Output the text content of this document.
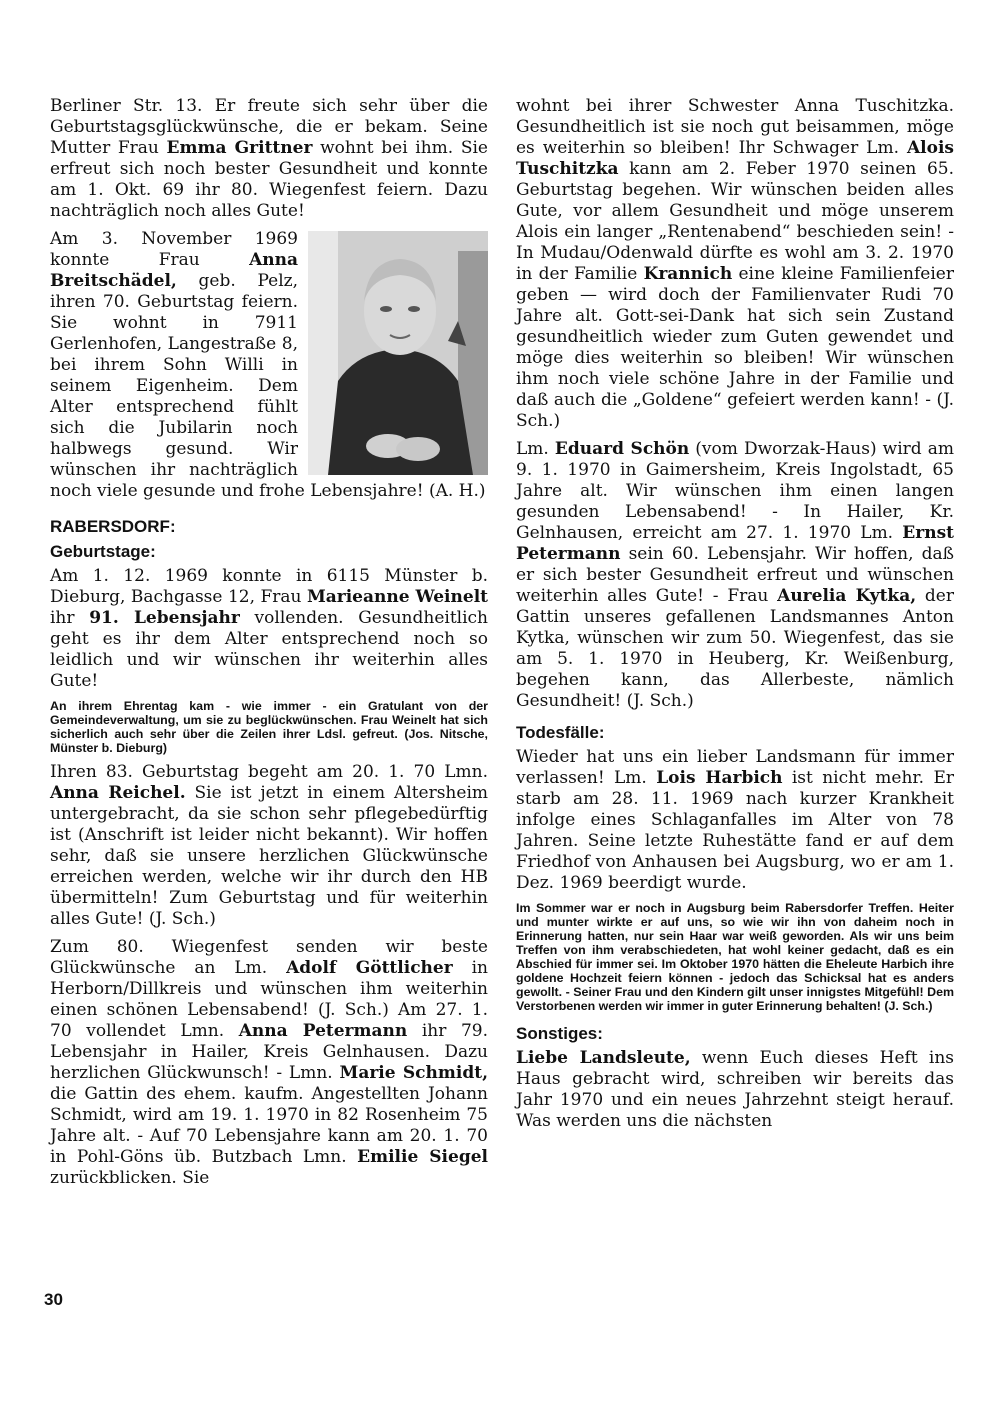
Berliner Str. 13. Er freute sich sehr über die Geburtstagsglückwünsche, die er bekam. Seine Mutter Frau Emma Grittner wohnt bei ihm. Sie erfreut sich noch bester Gesundheit und konnte am 1. Okt. 69 ihr 80. Wiegenfest feiern. Dazu nachträglich noch alles Gute!

Am 3. November 1969 konnte Frau Anna Breitschädel, geb. Pelz, ihren 70. Geburtstag feiern. Sie wohnt in 7911 Gerlenhofen, Langestraße 8, bei ihrem Sohn Willi in seinem Eigenheim. Dem Alter entsprechend fühlt sich die Jubilarin noch halbwegs gesund. Wir wünschen ihr nachträglich noch viele gesunde und frohe Lebensjahre! (A. H.)

RABERSDORF:
Geburtstage:

Am 1. 12. 1969 konnte in 6115 Münster b. Dieburg, Bachgasse 12, Frau Marieanne Weinelt ihr 91. Lebensjahr vollenden. Gesundheitlich geht es ihr dem Alter entsprechend noch so leidlich und wir wünschen ihr weiterhin alles Gute!

An ihrem Ehrentag kam - wie immer - ein Gratulant von der Gemeindeverwaltung, um sie zu beglückwünschen. Frau Weinelt hat sich sicherlich auch sehr über die Zeilen ihrer Ldsl. gefreut. (Jos. Nitsche, Münster b. Dieburg)

Ihren 83. Geburtstag begeht am 20. 1. 70 Lmn. Anna Reichel. Sie ist jetzt in einem Altersheim untergebracht, da sie schon sehr pflegebedürftig ist (Anschrift ist leider nicht bekannt). Wir hoffen sehr, daß sie unsere herzlichen Glückwünsche erreichen werden, welche wir ihr durch den HB übermitteln! Zum Geburtstag und für weiterhin alles Gute! (J. Sch.)

Zum 80. Wiegenfest senden wir beste Glückwünsche an Lm. Adolf Göttlicher in Herborn/Dillkreis und wünschen ihm weiterhin einen schönen Lebensabend! (J. Sch.) Am 27. 1. 70 vollendet Lmn. Anna Petermann ihr 79. Lebensjahr in Hailer, Kreis Gelnhausen. Dazu herzlichen Glückwunsch! - Lmn. Marie Schmidt, die Gattin des ehem. kaufm. Angestellten Johann Schmidt, wird am 19. 1. 1970 in 82 Rosenheim 75 Jahre alt. - Auf 70 Lebensjahre kann am 20. 1. 70 in Pohl-Göns üb. Butzbach Lmn. Emilie Siegel zurückblicken. Sie

wohnt bei ihrer Schwester Anna Tuschitzka. Gesundheitlich ist sie noch gut beisammen, möge es weiterhin so bleiben! Ihr Schwager Lm. Alois Tuschitzka kann am 2. Feber 1970 seinen 65. Geburtstag begehen. Wir wünschen beiden alles Gute, vor allem Gesundheit und möge unserem Alois ein langer „Rentenabend“ beschieden sein! - In Mudau/Odenwald dürfte es wohl am 3. 2. 1970 in der Familie Krannich eine kleine Familienfeier geben — wird doch der Familienvater Rudi 70 Jahre alt. Gott-sei-Dank hat sich sein Zustand gesundheitlich wieder zum Guten gewendet und möge dies weiterhin so bleiben! Wir wünschen ihm noch viele schöne Jahre in der Familie und daß auch die „Goldene“ gefeiert werden kann! - (J. Sch.)

Lm. Eduard Schön (vom Dworzak-Haus) wird am 9. 1. 1970 in Gaimersheim, Kreis Ingolstadt, 65 Jahre alt. Wir wünschen ihm einen langen gesunden Lebensabend! - In Hailer, Kr. Gelnhausen, erreicht am 27. 1. 1970 Lm. Ernst Petermann sein 60. Lebensjahr. Wir hoffen, daß er sich bester Gesundheit erfreut und wünschen weiterhin alles Gute! - Frau Aurelia Kytka, der Gattin unseres gefallenen Landsmannes Anton Kytka, wünschen wir zum 50. Wiegenfest, das sie am 5. 1. 1970 in Heuberg, Kr. Weißenburg, begehen kann, das Allerbeste, nämlich Gesundheit! (J. Sch.)

Todesfälle:

Wieder hat uns ein lieber Landsmann für immer verlassen! Lm. Lois Harbich ist nicht mehr. Er starb am 28. 11. 1969 nach kurzer Krankheit infolge eines Schlaganfalles im Alter von 78 Jahren. Seine letzte Ruhestätte fand er auf dem Friedhof von Anhausen bei Augsburg, wo er am 1. Dez. 1969 beerdigt wurde.

Im Sommer war er noch in Augsburg beim Rabersdorfer Treffen. Heiter und munter wirkte er auf uns, so wie wir ihn von daheim noch in Erinnerung hatten, nur sein Haar war weiß geworden. Als wir uns beim Treffen von ihm verabschiedeten, hat wohl keiner gedacht, daß es ein Abschied für immer sei. Im Oktober 1970 hätten die Eheleute Harbich ihre goldene Hochzeit feiern können - jedoch das Schicksal hat es anders gewollt. - Seiner Frau und den Kindern gilt unser innigstes Mitgefühl! Dem Verstorbenen werden wir immer in guter Erinnerung behalten! (J. Sch.)

Sonstiges:

Liebe Landsleute, wenn Euch dieses Heft ins Haus gebracht wird, schreiben wir bereits das Jahr 1970 und ein neues Jahrzehnt steigt herauf. Was werden uns die nächsten

30
